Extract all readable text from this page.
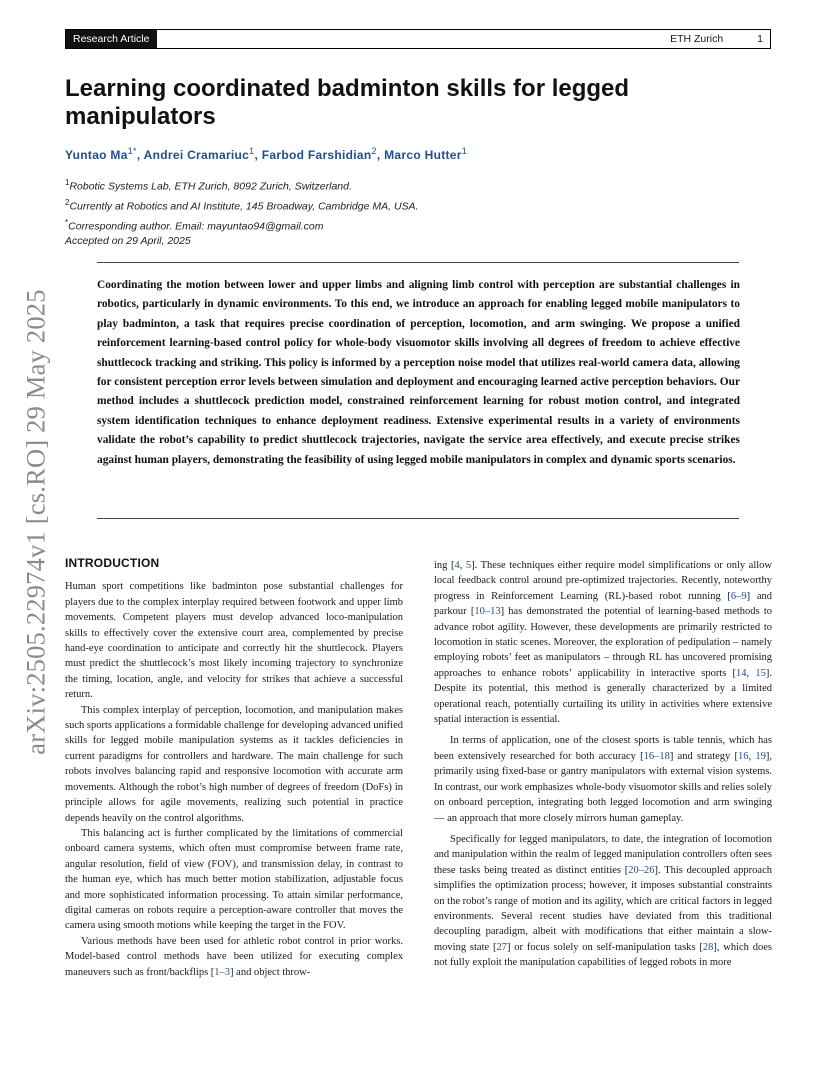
Research Article	ETH Zurich	1
arXiv:2505.22974v1 [cs.RO] 29 May 2025
Learning coordinated badminton skills for legged manipulators
Yuntao $Ma^{1*}$, Andrei Cramariuc$^1$, Farbod Farshidian$^2$, Marco Hutter$^1$
$^1$Robotic Systems Lab, ETH Zurich, 8092 Zurich, Switzerland.
$^2$Currently at Robotics and AI Institute, 145 Broadway, Cambridge MA, USA.
*Corresponding author. Email: mayuntao94@gmail.com
Accepted on 29 April, 2025

Coordinating the motion between lower and upper limbs and aligning limb control with perception are substantial challenges in robotics, particularly in dynamic environments. To this end, we introduce an approach for enabling legged mobile manipulators to play badminton, a task that requires precise coordination of perception, locomotion, and arm swinging. We propose a unified reinforcement learning-based control policy for whole-body visuomotor skills involving all degrees of freedom to achieve effective shuttlecock tracking and striking. This policy is informed by a perception noise model that utilizes real-world camera data, allowing for consistent perception error levels between simulation and deployment and encouraging learned active perception behaviors. Our method includes a shuttlecock prediction model, constrained reinforcement learning for robust motion control, and integrated system identification techniques to enhance deployment readiness. Extensive experimental results in a variety of environments validate the robot’s capability to predict shuttlecock trajectories, navigate the service area effectively, and execute precise strikes against human players, demonstrating the feasibility of using legged mobile manipulators in complex and dynamic sports scenarios.

INTRODUCTION

Human sport competitions like badminton pose substantial challenges for players due to the complex interplay required between footwork and upper limb movements. Competent players must develop advanced loco-manipulation skills to effectively cover the extensive court area, complemented by precise hand-eye coordination to anticipate and correctly hit the shuttlecock. Players must predict the shuttlecock’s most likely incoming trajectory to synchronize the timing, location, angle, and velocity for strikes that achieve a successful return.

This complex interplay of perception, locomotion, and manipulation makes such sports applications a formidable challenge for developing advanced unified skills for legged mobile manipulation systems as it tackles deficiencies in current paradigms for controllers and hardware. The main challenge for such robots involves balancing rapid and responsive locomotion with accurate arm movements. Although the robot’s high number of degrees of freedom (DoFs) in principle allows for agile movements, realizing such potential in practice depends heavily on the control algorithms.

This balancing act is further complicated by the limitations of commercial onboard camera systems, which often must compromise between frame rate, angular resolution, field of view (FOV), and transmission delay, in contrast to the human eye, which has much better motion stabilization, adjustable focus and more sophisticated information processing. To attain similar performance, digital cameras on robots require a perception-aware controller that moves the camera using smooth motions while keeping the target in the FOV.

Various methods have been used for athletic robot control in prior works. Model-based control methods have been utilized for executing complex maneuvers such as front/backflips [1–3] and object throw-

ing [4, 5]. These techniques either require model simplifications or only allow local feedback control around pre-optimized trajectories. Recently, noteworthy progress in Reinforcement Learning (RL)-based robot running [6–9] and parkour [10–13] has demonstrated the potential of learning-based methods to advance robot agility. However, these developments are primarily restricted to locomotion in static scenes. Moreover, the exploration of pedipulation – namely employing robots’ feet as manipulators – through RL has uncovered promising approaches to enhance robots’ applicability in interactive sports [14, 15]. Despite its potential, this method is generally characterized by a limited operational reach, potentially curtailing its utility in activities where extensive spatial interaction is essential.

In terms of application, one of the closest sports is table tennis, which has been extensively researched for both accuracy [16–18] and strategy [16, 19], primarily using fixed-base or gantry manipulators with external vision systems. In contrast, our work emphasizes whole-body visuomotor skills and relies solely on onboard perception, integrating both legged locomotion and arm swinging — an approach that more closely mirrors human gameplay.

Specifically for legged manipulators, to date, the integration of locomotion and manipulation within the realm of legged manipulation controllers often sees these tasks being treated as distinct entities [20–26]. This decoupled approach simplifies the optimization process; however, it imposes substantial constraints on the robot’s range of motion and its agility, which are critical factors in legged environments. Several recent studies have deviated from this traditional decoupling paradigm, albeit with modifications that either maintain a slow-moving state [27] or focus solely on self-manipulation tasks [28], which does not fully exploit the manipulation capabilities of legged robots in more
